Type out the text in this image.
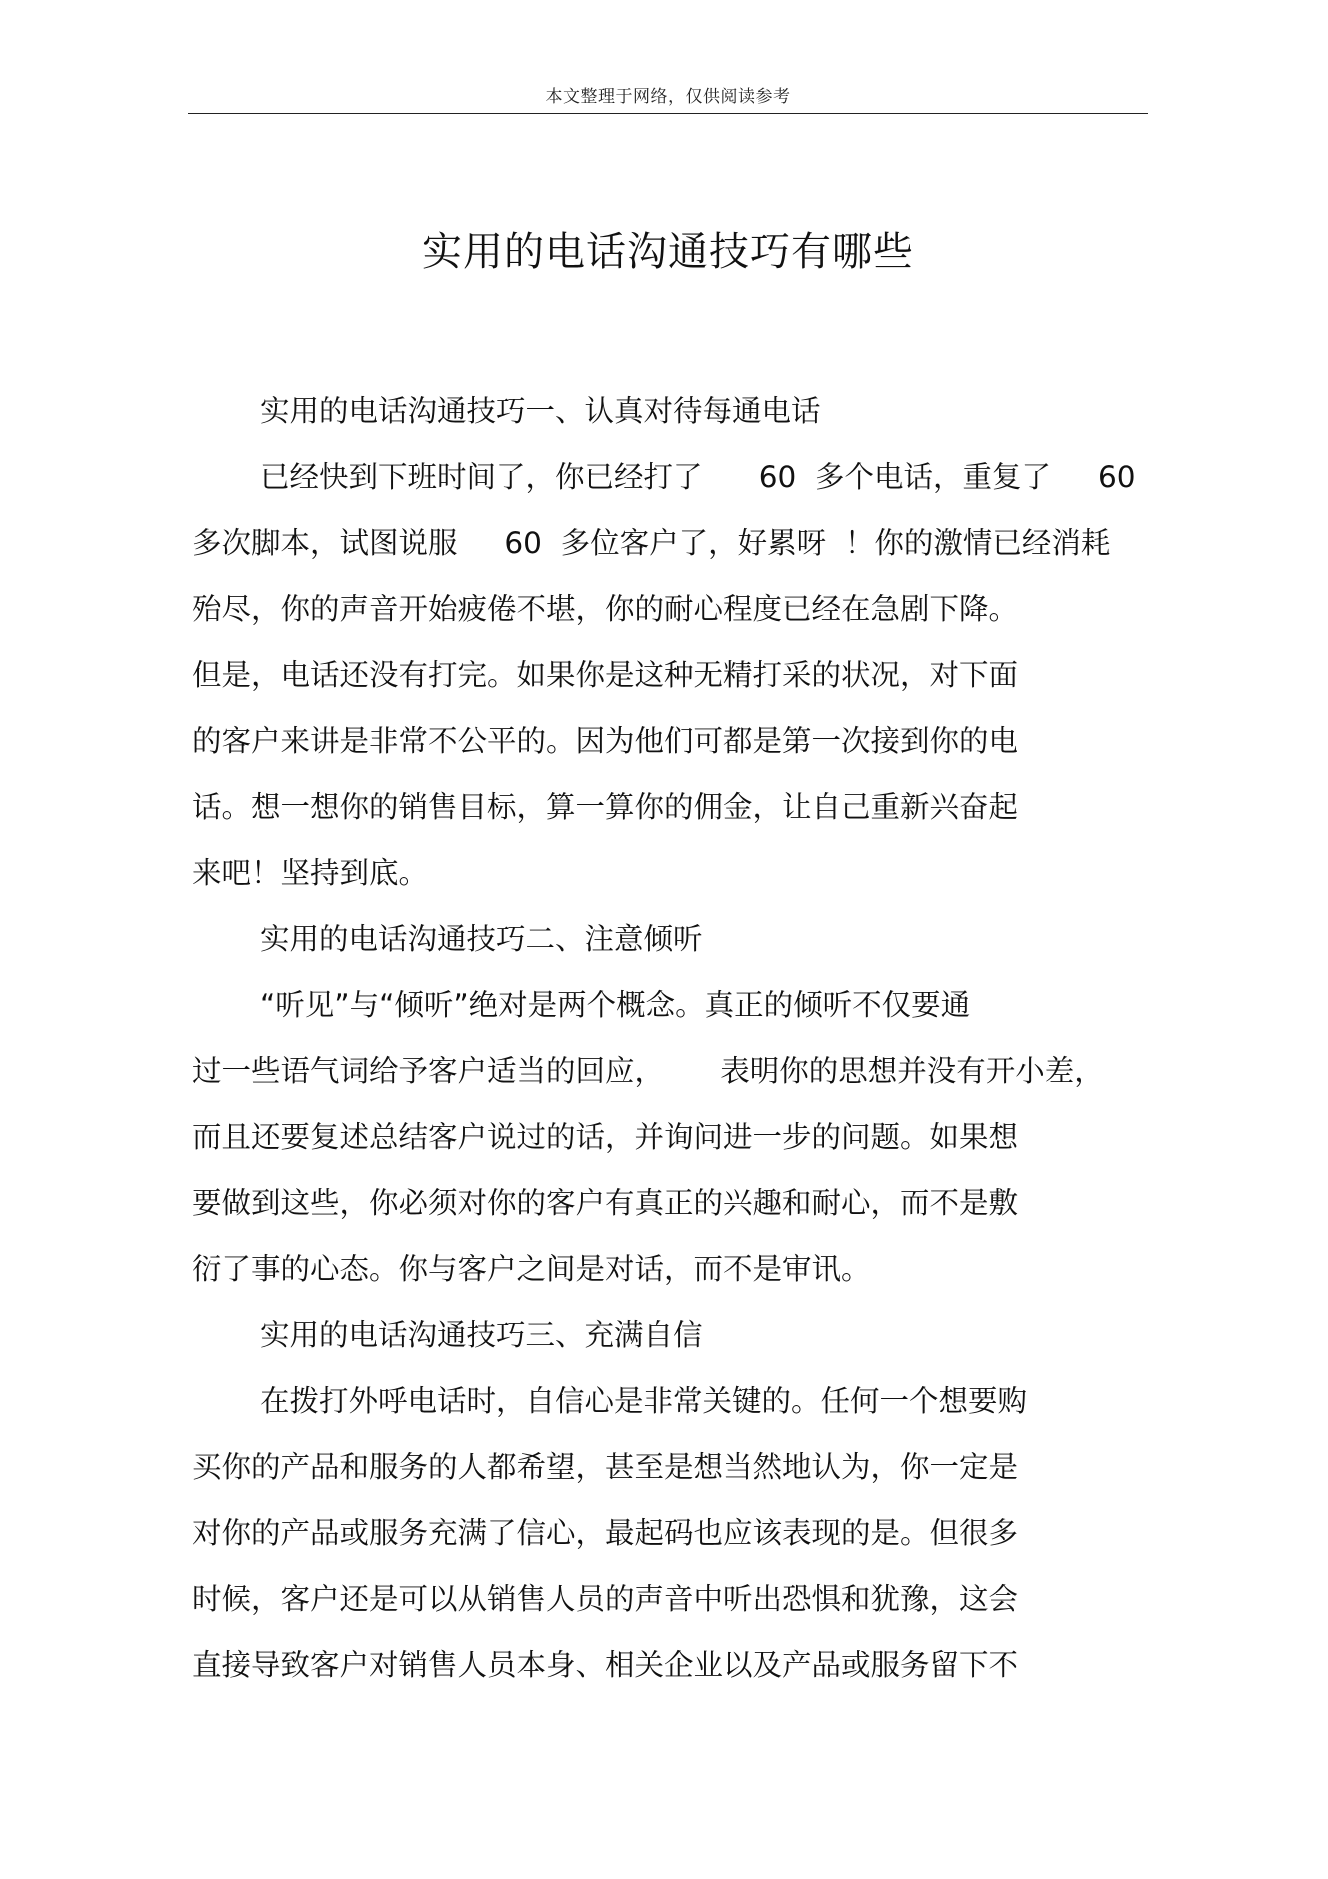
本文整理于网络，仅供阅读参考
实用的电话沟通技巧有哪些
实用的电话沟通技巧一、认真对待每通电话
已经快到下班时间了，你已经打了      60  多个电话，重复了     60
多次脚本，试图说服     60  多位客户了，好累呀  ！你的激情已经消耗
殆尽，你的声音开始疲倦不堪，你的耐心程度已经在急剧下降。
但是，电话还没有打完。如果你是这种无精打采的状况，对下面
的客户来讲是非常不公平的。因为他们可都是第一次接到你的电
话。想一想你的销售目标，算一算你的佣金，让自己重新兴奋起
来吧！坚持到底。
实用的电话沟通技巧二、注意倾听
“听见”与“倾听”绝对是两个概念。真正的倾听不仅要通
过一些语气词给予客户适当的回应，      表明你的思想并没有开小差，
而且还要复述总结客户说过的话，并询问进一步的问题。如果想
要做到这些，你必须对你的客户有真正的兴趣和耐心，而不是敷
衍了事的心态。你与客户之间是对话，而不是审讯。
实用的电话沟通技巧三、充满自信
在拨打外呼电话时，自信心是非常关键的。任何一个想要购
买你的产品和服务的人都希望，甚至是想当然地认为，你一定是
对你的产品或服务充满了信心，最起码也应该表现的是。但很多
时候，客户还是可以从销售人员的声音中听出恐惧和犹豫，这会
直接导致客户对销售人员本身、相关企业以及产品或服务留下不
